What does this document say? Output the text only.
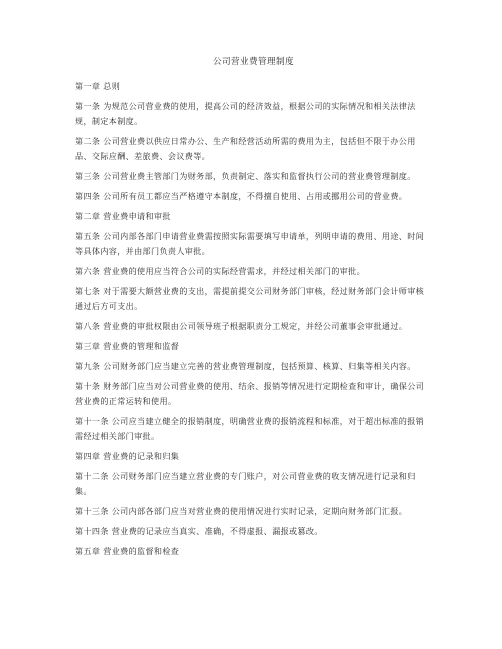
公司营业费管理制度
第一章 总则
第一条 为规范公司营业费的使用，提高公司的经济效益，根据公司的实际情况和相关法律法规，制定本制度。
第二条 公司营业费以供应日常办公、生产和经营活动所需的费用为主，包括但不限于办公用品、交际应酬、差旅费、会议费等。
第三条 公司营业费主管部门为财务部，负责制定、落实和监督执行公司的营业费管理制度。
第四条 公司所有员工都应当严格遵守本制度，不得擅自使用、占用或挪用公司的营业费。
第二章 营业费申请和审批
第五条 公司内部各部门申请营业费需按照实际需要填写申请单，列明申请的费用、用途、时间等具体内容，并由部门负责人审批。
第六条 营业费的使用应当符合公司的实际经营需求，并经过相关部门的审批。
第七条 对于需要大额营业费的支出，需提前提交公司财务部门审核，经过财务部门会计师审核通过后方可支出。
第八条 营业费的审批权限由公司领导班子根据职责分工规定，并经公司董事会审批通过。
第三章 营业费的管理和监督
第九条 公司财务部门应当建立完善的营业费管理制度，包括预算、核算、归集等相关内容。
第十条 财务部门应当对公司营业费的使用、结余、报销等情况进行定期检查和审计，确保公司营业费的正常运转和使用。
第十一条 公司应当建立健全的报销制度，明确营业费的报销流程和标准，对于超出标准的报销需经过相关部门审批。
第四章 营业费的记录和归集
第十二条 公司财务部门应当建立营业费的专门账户，对公司营业费的收支情况进行记录和归集。
第十三条 公司内部各部门应当对营业费的使用情况进行实时记录，定期向财务部门汇报。
第十四条 营业费的记录应当真实、准确，不得虚报、漏报或篡改。
第五章 营业费的监督和检查
